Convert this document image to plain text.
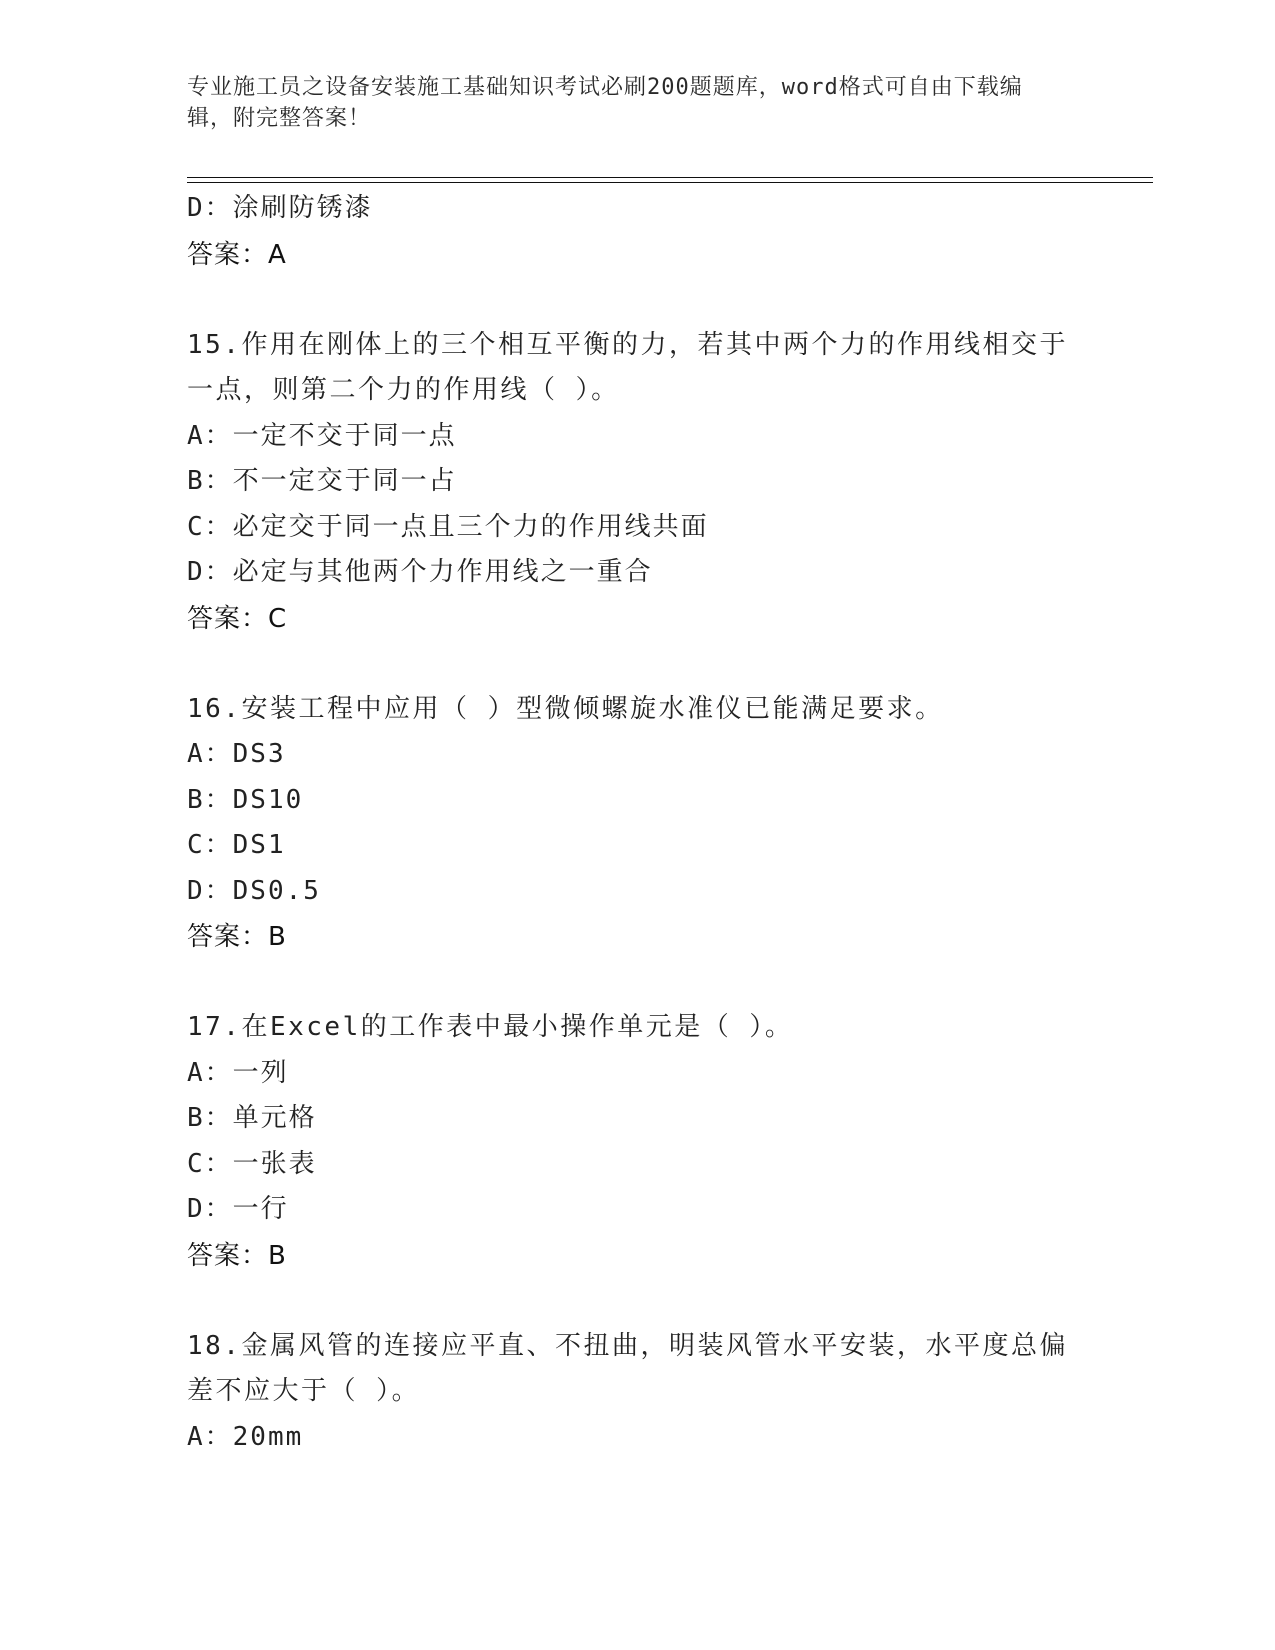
专业施工员之设备安装施工基础知识考试必刷200题题库，word格式可自由下载编辑，附完整答案！
D：涂刷防锈漆
答案：A
15.作用在刚体上的三个相互平衡的力，若其中两个力的作用线相交于一点，则第二个力的作用线（ ）。
A：一定不交于同一点
B：不一定交于同一占
C：必定交于同一点且三个力的作用线共面
D：必定与其他两个力作用线之一重合
答案：C
16.安装工程中应用（ ）型微倾螺旋水准仪已能满足要求。
A：DS3
B：DS10
C：DS1
D：DS0.5
答案：B
17.在Excel的工作表中最小操作单元是（ ）。
A：一列
B：单元格
C：一张表
D：一行
答案：B
18.金属风管的连接应平直、不扭曲，明装风管水平安装，水平度总偏差不应大于（ ）。
A：20mm
